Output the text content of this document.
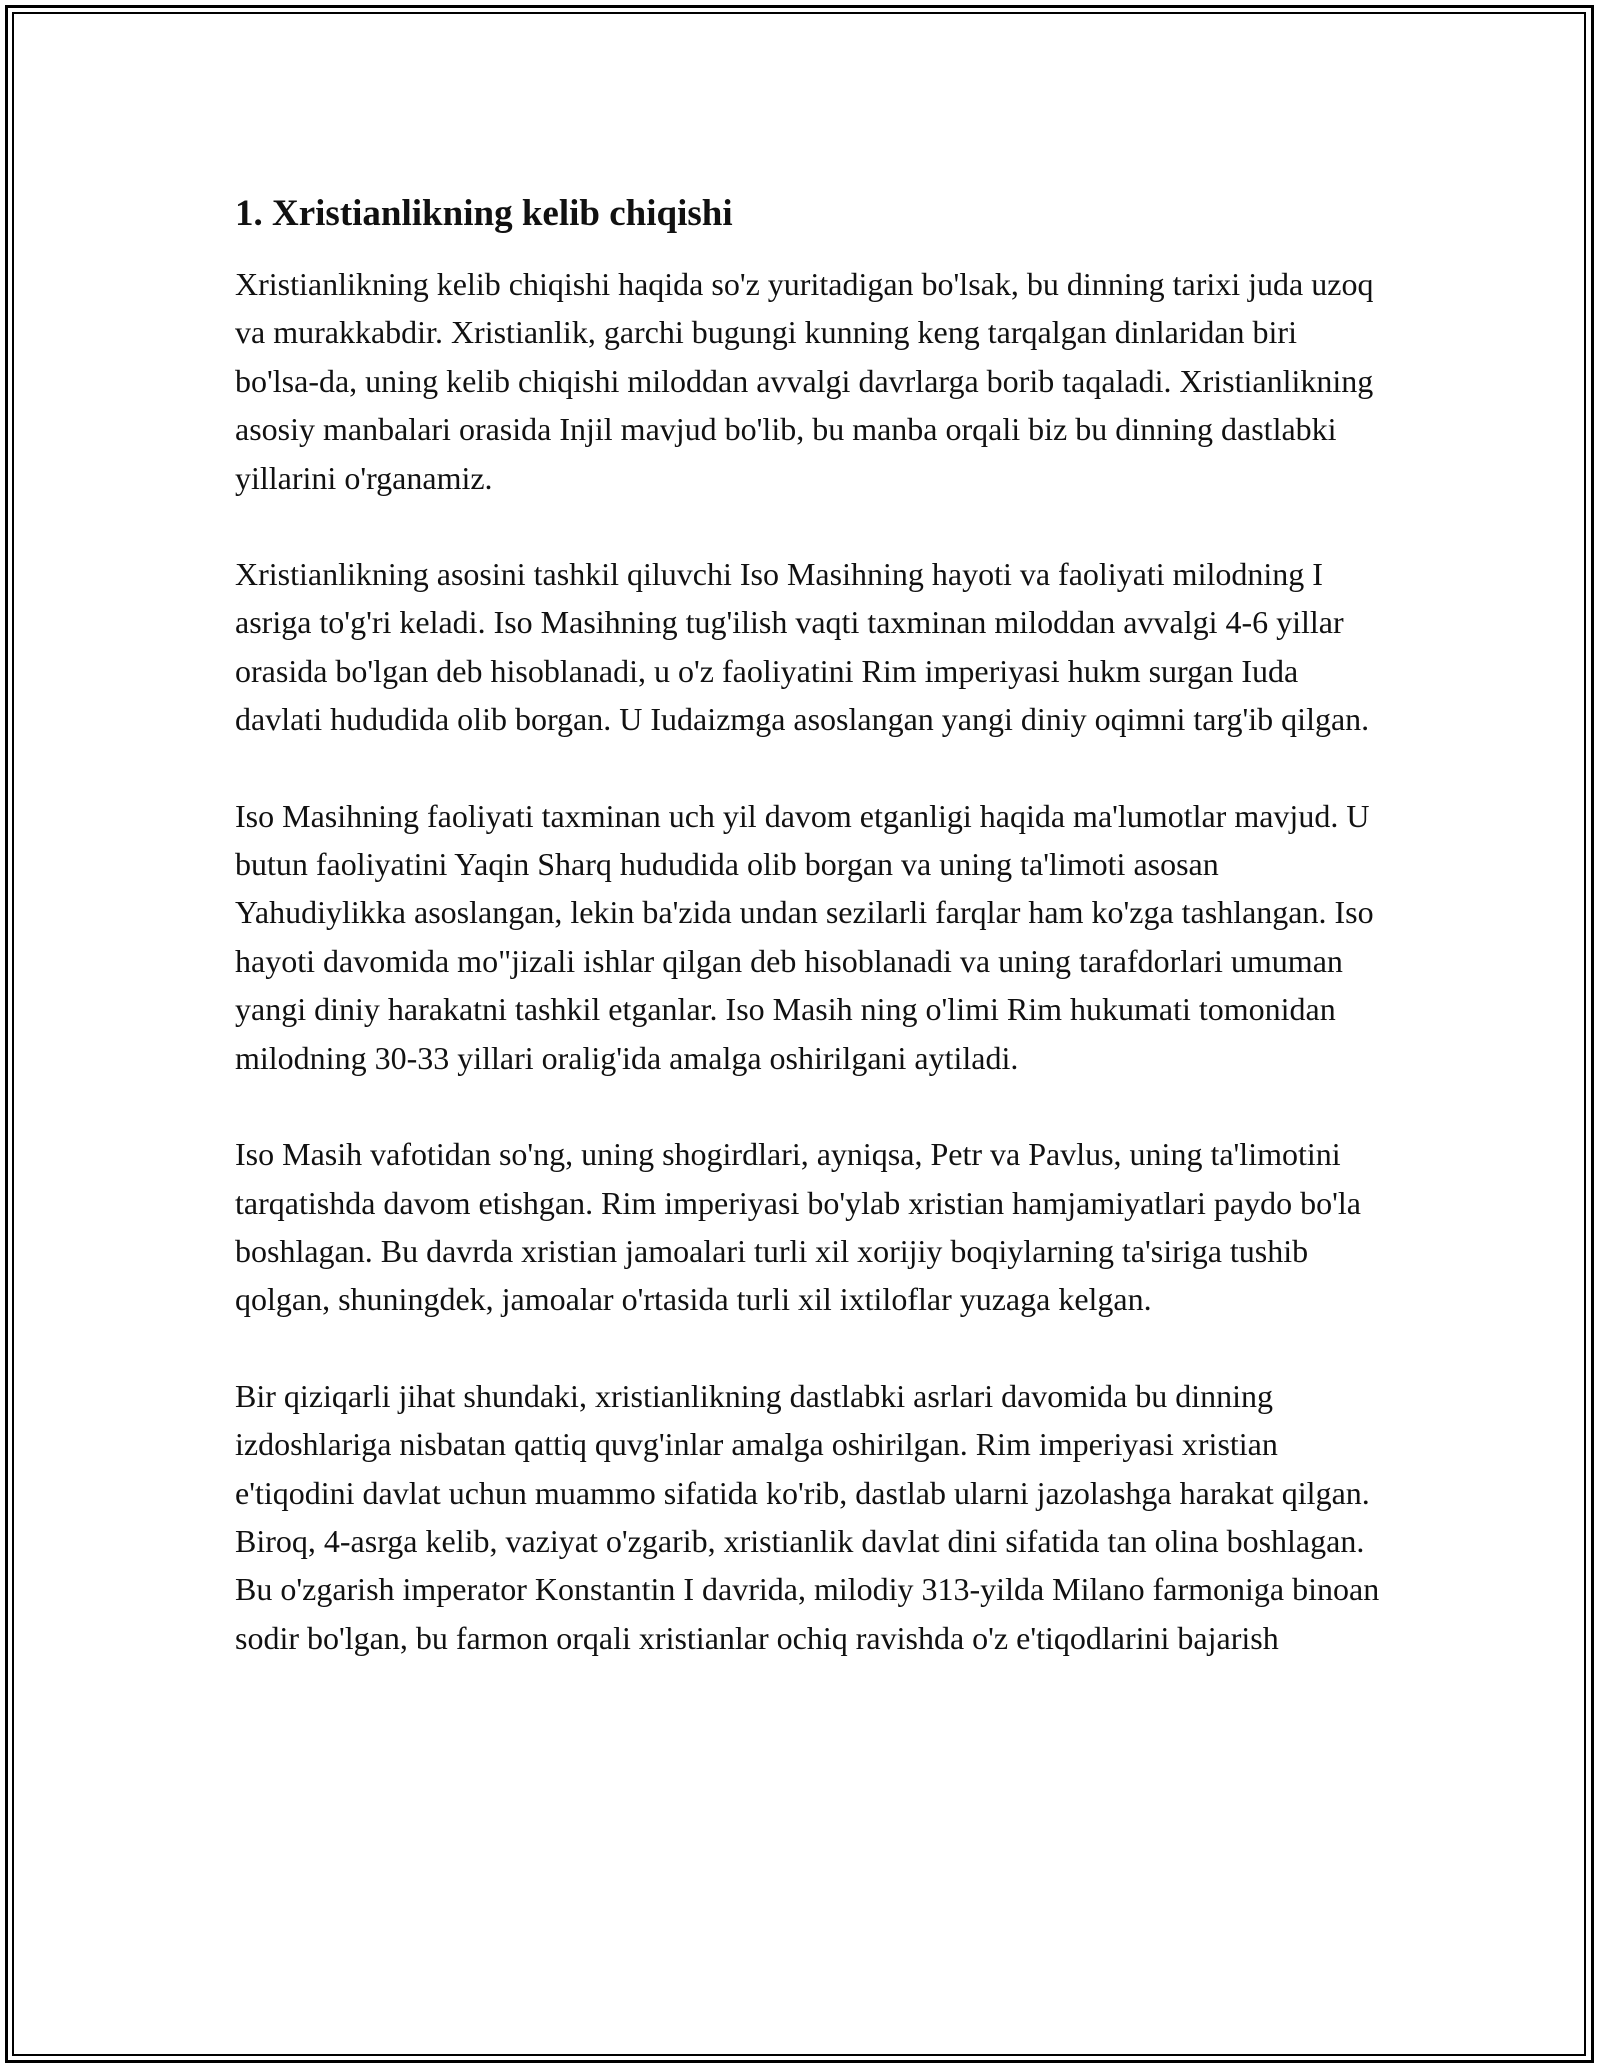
1. Xristianlikning kelib chiqishi

Xristianlikning kelib chiqishi haqida so'z yuritadigan bo'lsak, bu dinning tarixi juda uzoq va murakkabdir. Xristianlik, garchi bugungi kunning keng tarqalgan dinlaridan biri bo'lsa-da, uning kelib chiqishi miloddan avvalgi davrlarga borib taqaladi. Xristianlikning asosiy manbalari orasida Injil mavjud bo'lib, bu manba orqali biz bu dinning dastlabki yillarini o'rganamiz.

Xristianlikning asosini tashkil qiluvchi Iso Masihning hayoti va faoliyati milodning I asriga to'g'ri keladi. Iso Masihning tug'ilish vaqti taxminan miloddan avvalgi 4-6 yillar orasida bo'lgan deb hisoblanadi, u o'z faoliyatini Rim imperiyasi hukm surgan Iuda davlati hududida olib borgan. U Iudaizmga asoslangan yangi diniy oqimni targ'ib qilgan.

Iso Masihning faoliyati taxminan uch yil davom etganligi haqida ma'lumotlar mavjud. U butun faoliyatini Yaqin Sharq hududida olib borgan va uning ta'limoti asosan Yahudiylikka asoslangan, lekin ba'zida undan sezilarli farqlar ham ko'zga tashlangan. Iso hayoti davomida mo"jizali ishlar qilgan deb hisoblanadi va uning tarafdorlari umuman yangi diniy harakatni tashkil etganlar. Iso Masih ning o'limi Rim hukumati tomonidan milodning 30-33 yillari oralig'ida amalga oshirilgani aytiladi.

Iso Masih vafotidan so'ng, uning shogirdlari, ayniqsa, Petr va Pavlus, uning ta'limotini tarqatishda davom etishgan. Rim imperiyasi bo'ylab xristian hamjamiyatlari paydo bo'la boshlagan. Bu davrda xristian jamoalari turli xil xorijiy boqiylarning ta'siriga tushib qolgan, shuningdek, jamoalar o'rtasida turli xil ixtiloflar yuzaga kelgan.

Bir qiziqarli jihat shundaki, xristianlikning dastlabki asrlari davomida bu dinning izdoshlariga nisbatan qattiq quvg'inlar amalga oshirilgan. Rim imperiyasi xristian e'tiqodini davlat uchun muammo sifatida ko'rib, dastlab ularni jazolashga harakat qilgan. Biroq, 4-asrga kelib, vaziyat o'zgarib, xristianlik davlat dini sifatida tan olina boshlagan. Bu o'zgarish imperator Konstantin I davrida, milodiy 313-yilda Milano farmoniga binoan sodir bo'lgan, bu farmon orqali xristianlar ochiq ravishda o'z e'tiqodlarini bajarish
